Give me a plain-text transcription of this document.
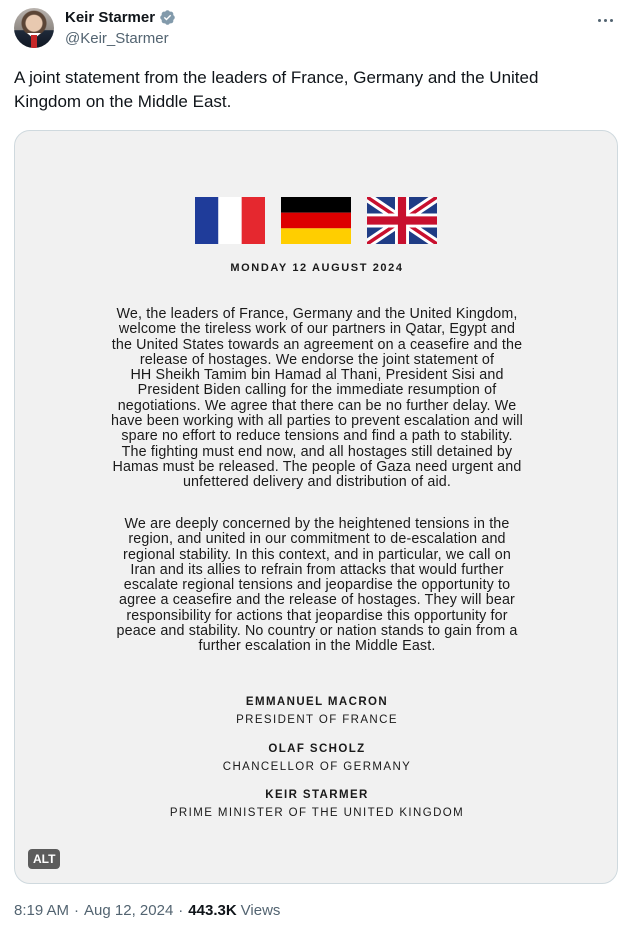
Keir Starmer
@Keir_Starmer
A joint statement from the leaders of France, Germany and the United Kingdom on the Middle East.
MONDAY 12 AUGUST 2024
We, the leaders of France, Germany and the United Kingdom,
welcome the tireless work of our partners in Qatar, Egypt and
the United States towards an agreement on a ceasefire and the
release of hostages. We endorse the joint statement of
HH Sheikh Tamim bin Hamad al Thani, President Sisi and
President Biden calling for the immediate resumption of
negotiations. We agree that there can be no further delay. We
have been working with all parties to prevent escalation and will
spare no effort to reduce tensions and find a path to stability.
The fighting must end now, and all hostages still detained by
Hamas must be released. The people of Gaza need urgent and
unfettered delivery and distribution of aid.
We are deeply concerned by the heightened tensions in the
region, and united in our commitment to de-escalation and
regional stability. In this context, and in particular, we call on
Iran and its allies to refrain from attacks that would further
escalate regional tensions and jeopardise the opportunity to
agree a ceasefire and the release of hostages. They will bear
responsibility for actions that jeopardise this opportunity for
peace and stability. No country or nation stands to gain from a
further escalation in the Middle East.
EMMANUEL MACRON
PRESIDENT OF FRANCE
OLAF SCHOLZ
CHANCELLOR OF GERMANY
KEIR STARMER
PRIME MINISTER OF THE UNITED KINGDOM
ALT
8:19 AM · Aug 12, 2024 · 443.3K Views
